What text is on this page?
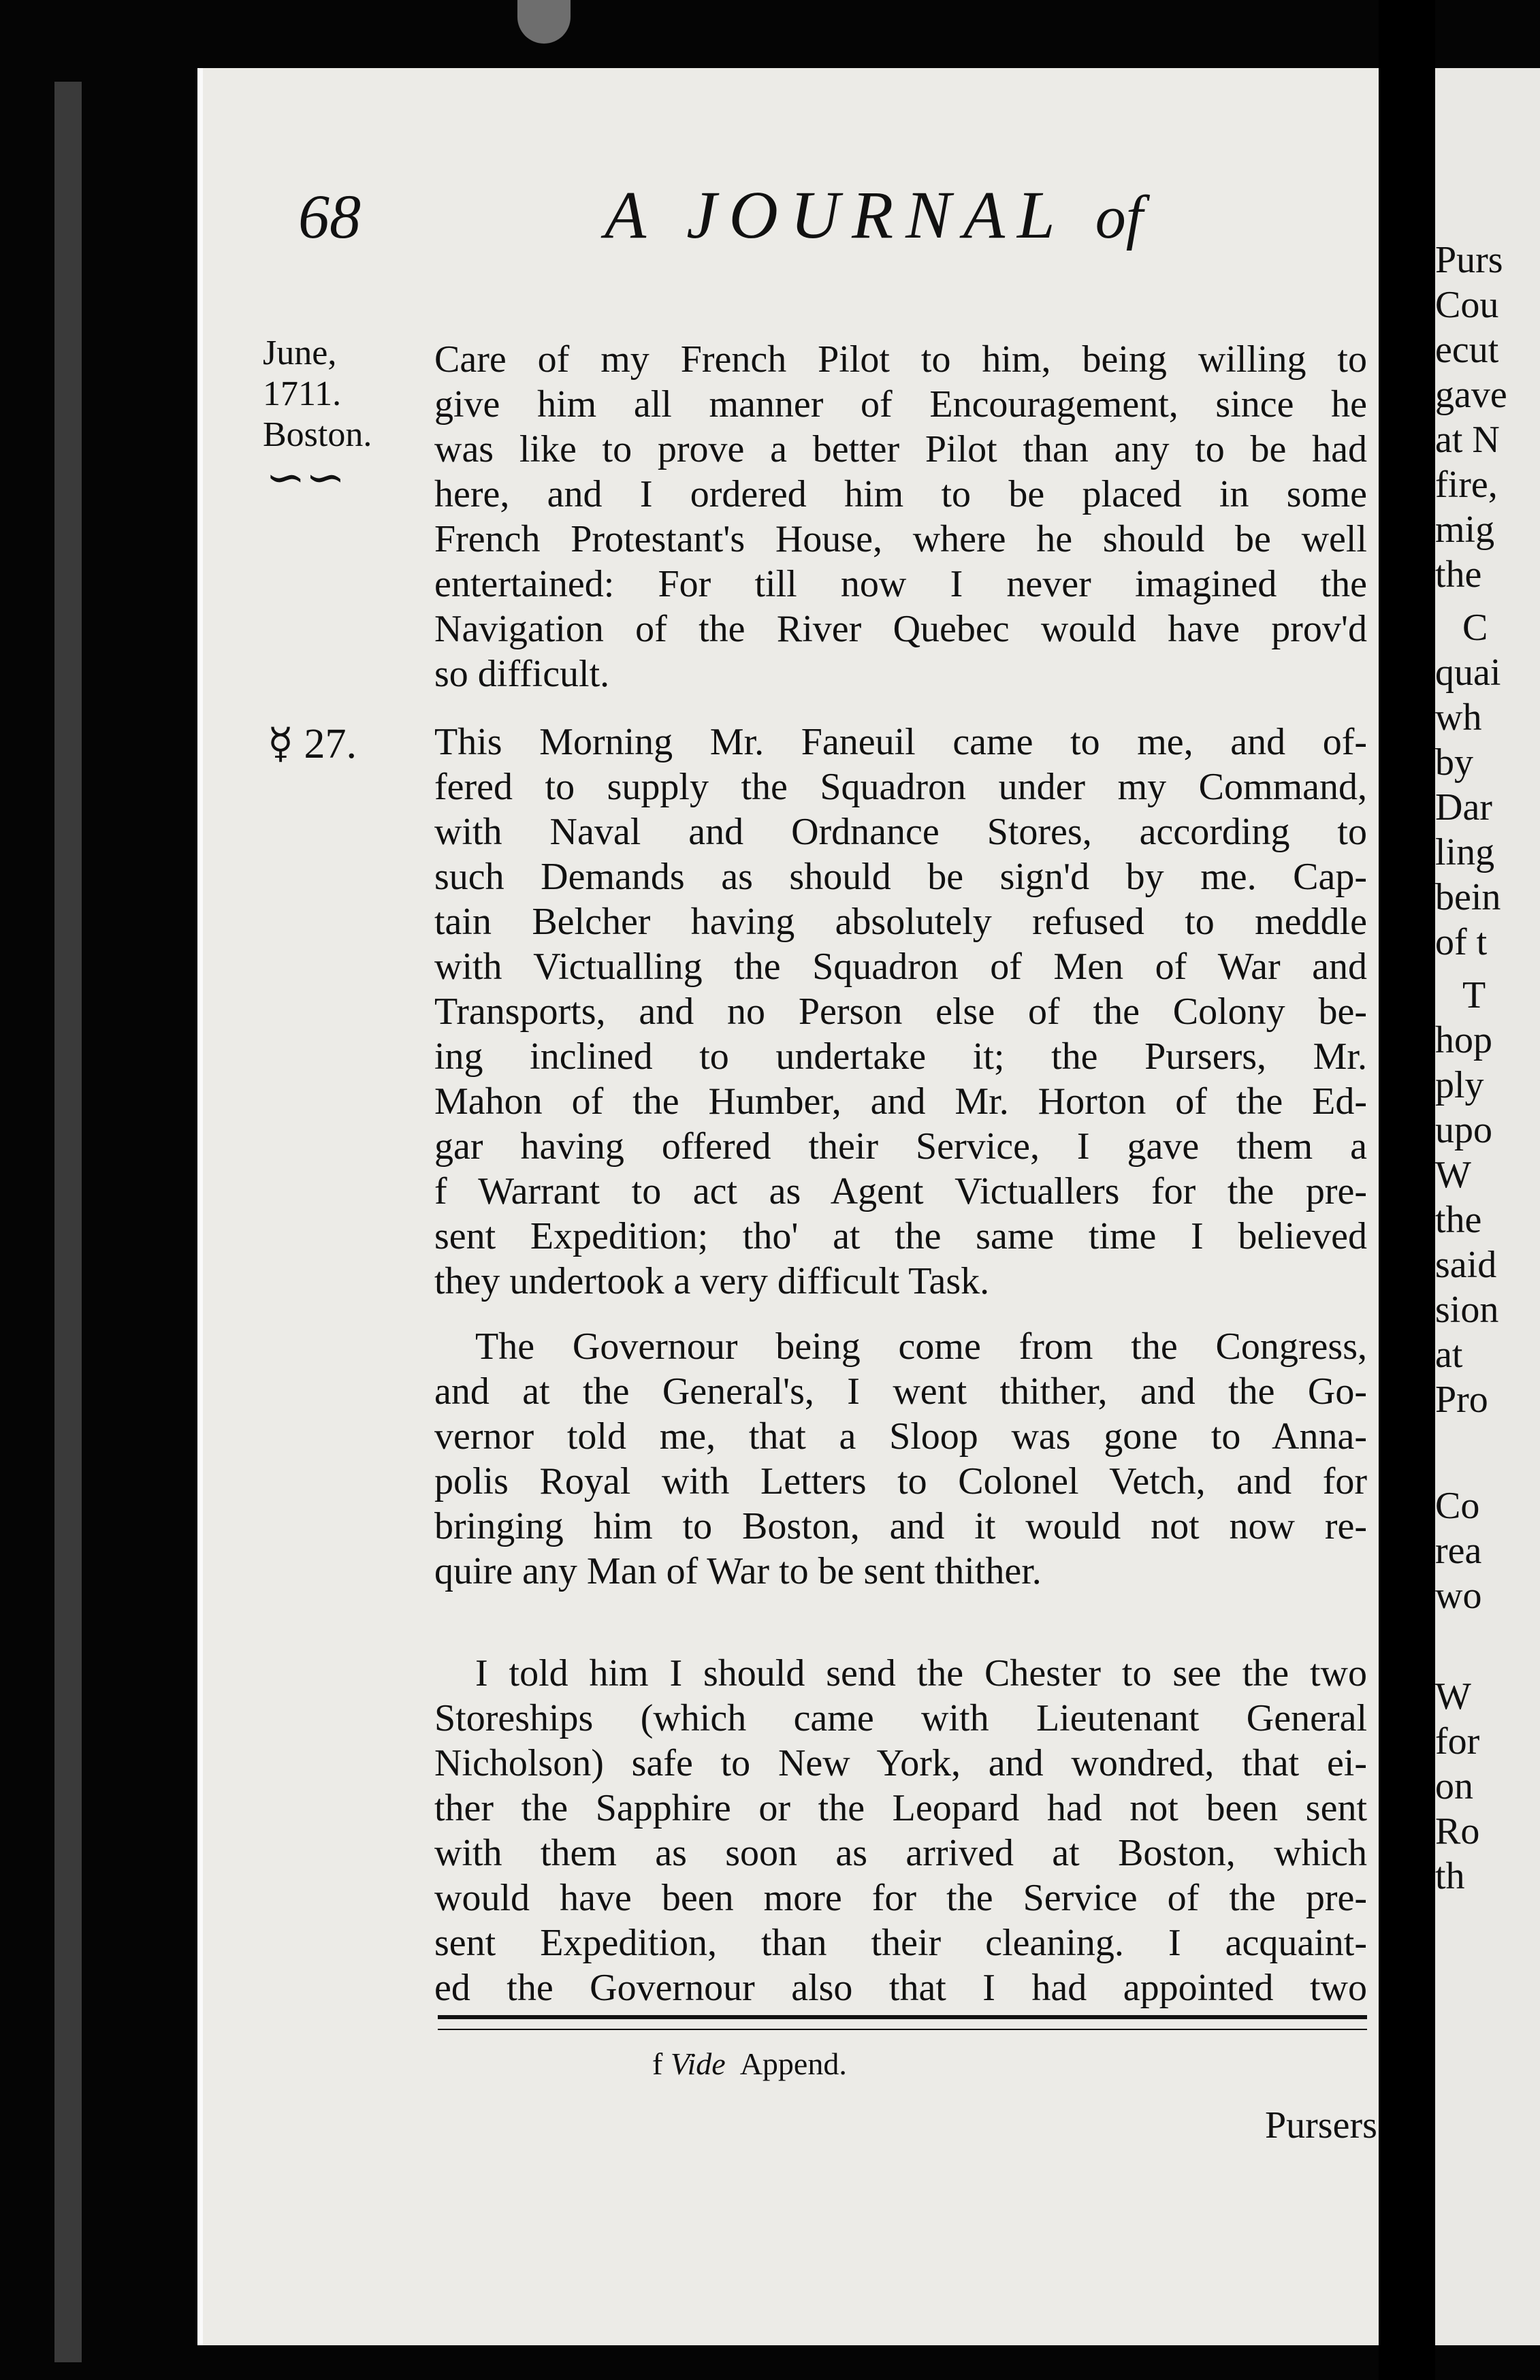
68	A JOURNAL of
June,
1711.
Boston.
∽∽
☿ 27.
Care of my French Pilot to him, being willing to
give him all manner of Encouragement, since he
was like to prove a better Pilot than any to be had
here, and I ordered him to be placed in some
French Protestant's House, where he should be well
entertained: For till now I never imagined the
Navigation of the River Quebec would have prov'd
so difficult.
This Morning Mr. Faneuil came to me, and of-
fered to supply the Squadron under my Command,
with Naval and Ordnance Stores, according to
such Demands as should be sign'd by me. Cap-
tain Belcher having absolutely refused to meddle
with Victualling the Squadron of Men of War and
Transports, and no Person else of the Colony be-
ing inclined to undertake it; the Pursers, Mr.
Mahon of the Humber, and Mr. Horton of the Ed-
gar having offered their Service, I gave them a
f Warrant to act as Agent Victuallers for the pre-
sent Expedition; tho' at the same time I believed
they undertook a very difficult Task.
The Governour being come from the Congress,
and at the General's, I went thither, and the Go-
vernor told me, that a Sloop was gone to Anna-
polis Royal with Letters to Colonel Vetch, and for
bringing him to Boston, and it would not now re-
quire any Man of War to be sent thither.
I told him I should send the Chester to see the two
Storeships (which came with Lieutenant General
Nicholson) safe to New York, and wondred, that ei-
ther the Sapphire or the Leopard had not been sent
with them as soon as arrived at Boston, which
would have been more for the Service of the pre-
sent Expedition, than their cleaning. I acquaint-
ed the Governour also that I had appointed two
f Vide Append.
Pursers
Purs
Cou
ecut
gave
at N
fire,
mig
the
C
quai
wh
by
Dar
ling
bein
of t
T
hop
ply
upo
W
the
said
sion
at
Pro
Co
rea
wo
W
for
on
Ro
th
